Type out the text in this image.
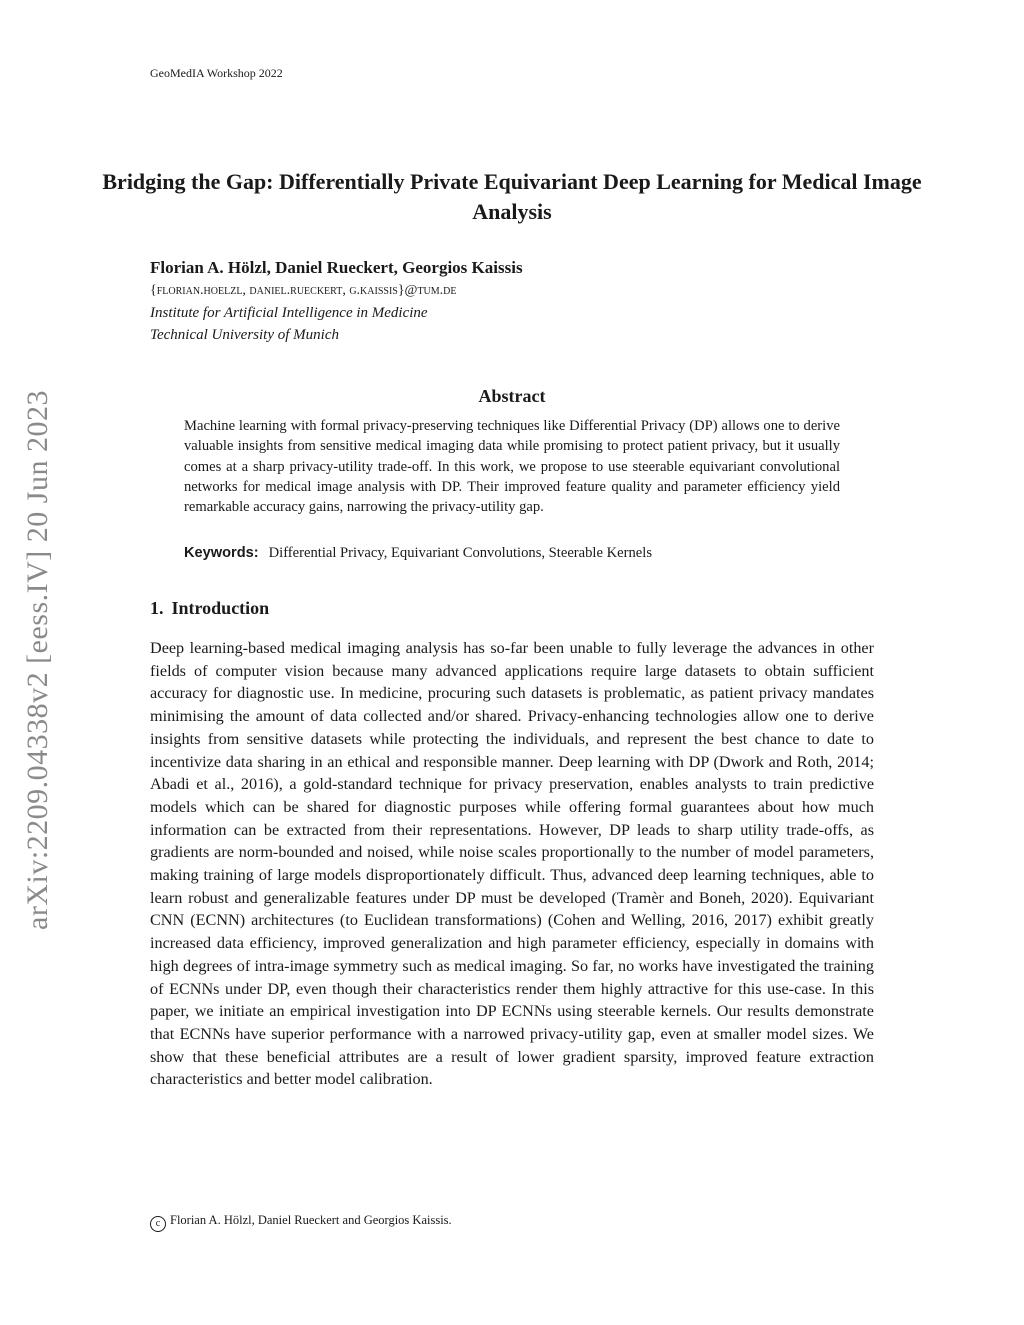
GeoMedIA Workshop 2022
arXiv:2209.04338v2 [eess.IV] 20 Jun 2023
Bridging the Gap: Differentially Private Equivariant Deep Learning for Medical Image Analysis
Florian A. Hölzl, Daniel Rueckert, Georgios Kaissis
{florian.hoelzl, daniel.rueckert, g.kaissis}@tum.de
Institute for Artificial Intelligence in Medicine
Technical University of Munich
Abstract
Machine learning with formal privacy-preserving techniques like Differential Privacy (DP) allows one to derive valuable insights from sensitive medical imaging data while promising to protect patient privacy, but it usually comes at a sharp privacy-utility trade-off. In this work, we propose to use steerable equivariant convolutional networks for medical image analysis with DP. Their improved feature quality and parameter efficiency yield remarkable accuracy gains, narrowing the privacy-utility gap.
Keywords: Differential Privacy, Equivariant Convolutions, Steerable Kernels
1. Introduction
Deep learning-based medical imaging analysis has so-far been unable to fully leverage the advances in other fields of computer vision because many advanced applications require large datasets to obtain sufficient accuracy for diagnostic use. In medicine, procuring such datasets is problematic, as patient privacy mandates minimising the amount of data collected and/or shared. Privacy-enhancing technologies allow one to derive insights from sensitive datasets while protecting the individuals, and represent the best chance to date to incentivize data sharing in an ethical and responsible manner. Deep learning with DP (Dwork and Roth, 2014; Abadi et al., 2016), a gold-standard technique for privacy preservation, enables analysts to train predictive models which can be shared for diagnostic purposes while offering formal guarantees about how much information can be extracted from their representations. However, DP leads to sharp utility trade-offs, as gradients are norm-bounded and noised, while noise scales proportionally to the number of model parameters, making training of large models disproportionately difficult. Thus, advanced deep learning techniques, able to learn robust and generalizable features under DP must be developed (Tramèr and Boneh, 2020). Equivariant CNN (ECNN) architectures (to Euclidean transformations) (Cohen and Welling, 2016, 2017) exhibit greatly increased data efficiency, improved generalization and high parameter efficiency, especially in domains with high degrees of intra-image symmetry such as medical imaging. So far, no works have investigated the training of ECNNs under DP, even though their characteristics render them highly attractive for this use-case. In this paper, we initiate an empirical investigation into DP ECNNs using steerable kernels. Our results demonstrate that ECNNs have superior performance with a narrowed privacy-utility gap, even at smaller model sizes. We show that these beneficial attributes are a result of lower gradient sparsity, improved feature extraction characteristics and better model calibration.
c Florian A. Hölzl, Daniel Rueckert and Georgios Kaissis.
